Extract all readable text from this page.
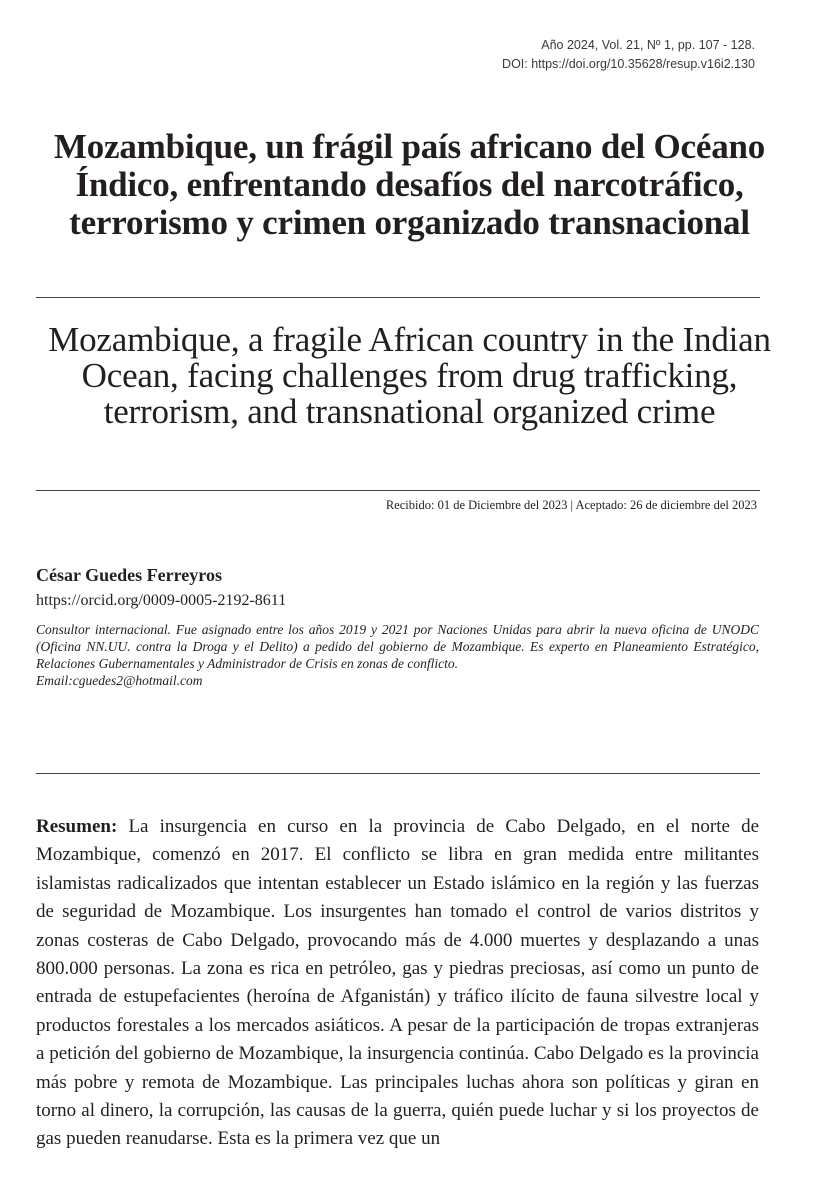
Año 2024, Vol. 21, Nº 1, pp. 107 - 128.
DOI: https://doi.org/10.35628/resup.v16i2.130
Mozambique, un frágil país africano del Océano Índico, enfrentando desafíos del narcotráfico, terrorismo y crimen organizado transnacional
Mozambique, a fragile African country in the Indian Ocean, facing challenges from drug trafficking, terrorism, and transnational organized crime
Recibido: 01 de Diciembre del 2023 | Aceptado: 26 de diciembre del 2023
César Guedes Ferreyros
https://orcid.org/0009-0005-2192-8611

Consultor internacional. Fue asignado entre los años 2019 y 2021 por Naciones Unidas para abrir la nueva oficina de UNODC (Oficina NN.UU. contra la Droga y el Delito) a pedido del gobierno de Mozambique. Es experto en Planeamiento Estratégico, Relaciones Gubernamentales y Administrador de Crisis en zonas de conflicto.

Email:cguedes2@hotmail.com

Resumen: La insurgencia en curso en la provincia de Cabo Delgado, en el norte de Mozambique, comenzó en 2017. El conflicto se libra en gran medida entre militantes islamistas radicalizados que intentan establecer un Estado islámico en la región y las fuerzas de seguridad de Mozambique. Los insurgentes han tomado el control de varios distritos y zonas costeras de Cabo Delgado, provocando más de 4.000 muertes y desplazando a unas 800.000 personas. La zona es rica en petróleo, gas y piedras preciosas, así como un punto de entrada de estupefacientes (heroína de Afganistán) y tráfico ilícito de fauna silvestre local y productos forestales a los mercados asiáticos. A pesar de la participación de tropas extranjeras a petición del gobierno de Mozambique, la insurgencia continúa. Cabo Delgado es la provincia más pobre y remota de Mozambique. Las principales luchas ahora son políticas y giran en torno al dinero, la corrupción, las causas de la guerra, quién puede luchar y si los proyectos de gas pueden reanudarse. Esta es la primera vez que un
